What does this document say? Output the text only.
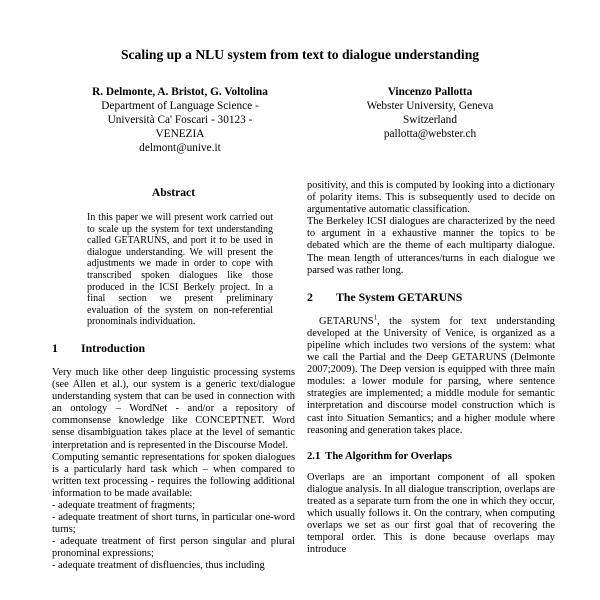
Scaling up a NLU system from text to dialogue understanding
R. Delmonte, A. Bristot, G. Voltolina
Department of Language Science -
Università Ca' Foscari - 30123 -
VENEZIA
delmont@unive.it
Vincenzo Pallotta
Webster University, Geneva
Switzerland
pallotta@webster.ch
Abstract

In this paper we will present work carried out to scale up the system for text understanding called GETARUNS, and port it to be used in dialogue understanding. We will present the adjustments we made in order to cope with transcribed spoken dialogues like those produced in the ICSI Berkely project. In a final section we present preliminary evaluation of the system on non-referential pronominals individuation.

1 Introduction

Very much like other deep linguistic processing systems (see Allen et al.), our system is a generic text/dialogue understanding system that can be used in connection with an ontology – WordNet - and/or a repository of commonsense knowledge like CONCEPTNET. Word sense disambiguation takes place at the level of semantic interpretation and is represented in the Discourse Model.

Computing semantic representations for spoken dialogues is a particularly hard task which – when compared to written text processing - requires the following additional information to be made available:

- adequate treatment of fragments;

- adequate treatment of short turns, in particular one-word turns;

- adequate treatment of first person singular and plural pronominal expressions;

- adequate treatment of disfluencies, thus including

positivity, and this is computed by looking into a dictionary of polarity items. This is subsequently used to decide on argumentative automatic classification.

The Berkeley ICSI dialogues are characterized by the need to argument in a exhaustive manner the topics to be debated which are the theme of each multiparty dialogue. The mean length of utterances/turns in each dialogue we parsed was rather long.

2 The System GETARUNS

GETARUNS$^1$, the system for text understanding developed at the University of Venice, is organized as a pipeline which includes two versions of the system: what we call the Partial and the Deep GETARUNS (Delmonte 2007;2009). The Deep version is equipped with three main modules: a lower module for parsing, where sentence strategies are implemented; a middle module for semantic interpretation and discourse model construction which is cast into Situation Semantics; and a higher module where reasoning and generation takes place.

2.1 The Algorithm for Overlaps

Overlaps are an important component of all spoken dialogue analysis. In all dialogue transcription, overlaps are treated as a separate turn from the one in which they occur, which usually follows it. On the contrary, when computing overlaps we set as our first goal that of recovering the temporal order. This is done because overlaps may introduce
